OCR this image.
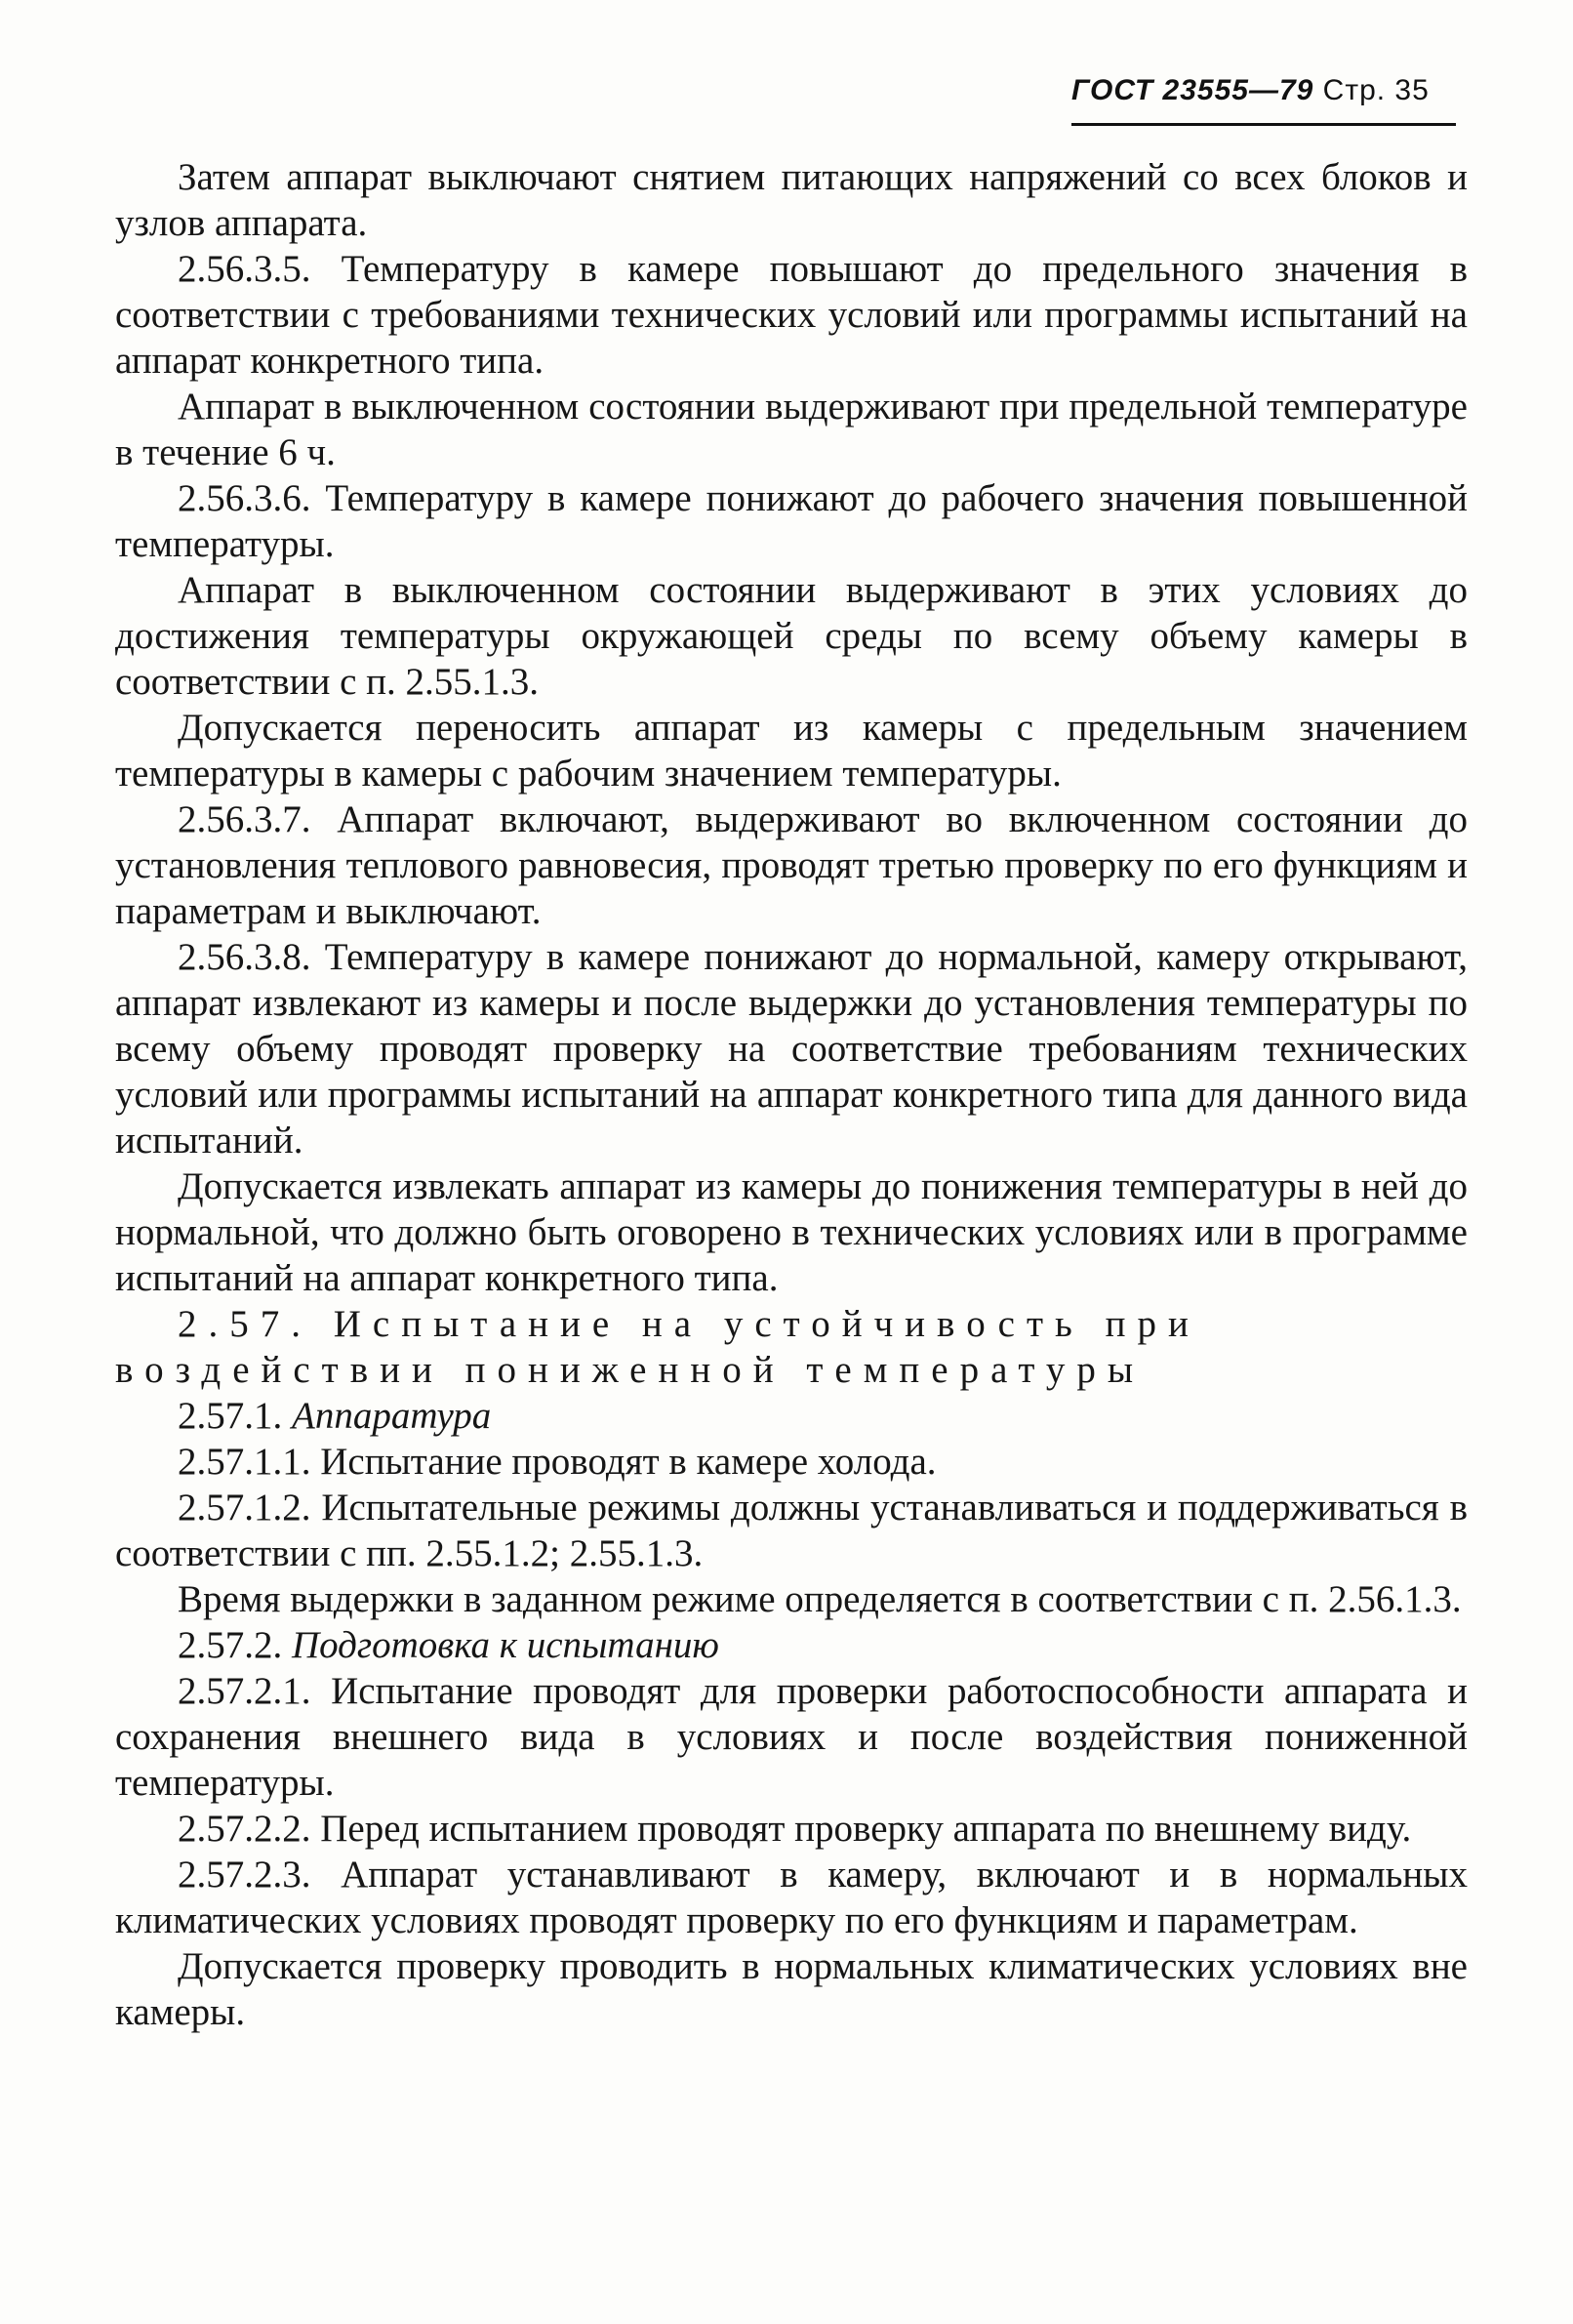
ГОСТ 23555—79 Стр. 35

Затем аппарат выключают снятием питающих напряжений со всех блоков и узлов аппарата.

2.56.3.5. Температуру в камере повышают до предельного значения в соответствии с требованиями технических условий или программы испытаний на аппарат конкретного типа.

Аппарат в выключенном состоянии выдерживают при предельной температуре в течение 6 ч.

2.56.3.6. Температуру в камере понижают до рабочего значения повышенной температуры.

Аппарат в выключенном состоянии выдерживают в этих условиях до достижения температуры окружающей среды по всему объему камеры в соответствии с п. 2.55.1.3.

Допускается переносить аппарат из камеры с предельным значением температуры в камеры с рабочим значением температуры.

2.56.3.7. Аппарат включают, выдерживают во включенном состоянии до установления теплового равновесия, проводят третью проверку по его функциям и параметрам и выключают.

2.56.3.8. Температуру в камере понижают до нормальной, камеру открывают, аппарат извлекают из камеры и после выдержки до установления температуры по всему объему проводят проверку на соответствие требованиям технических условий или программы испытаний на аппарат конкретного типа для данного вида испытаний.

Допускается извлекать аппарат из камеры до понижения температуры в ней до нормальной, что должно быть оговорено в технических условиях или в программе испытаний на аппарат конкретного типа.

2.57. Испытание на устойчивость при воздействии пониженной температуры

2.57.1. Аппаратура

2.57.1.1. Испытание проводят в камере холода.

2.57.1.2. Испытательные режимы должны устанавливаться и поддерживаться в соответствии с пп. 2.55.1.2; 2.55.1.3.

Время выдержки в заданном режиме определяется в соответствии с п. 2.56.1.3.

2.57.2. Подготовка к испытанию

2.57.2.1. Испытание проводят для проверки работоспособности аппарата и сохранения внешнего вида в условиях и после воздействия пониженной температуры.

2.57.2.2. Перед испытанием проводят проверку аппарата по внешнему виду.

2.57.2.3. Аппарат устанавливают в камеру, включают и в нормальных климатических условиях проводят проверку по его функциям и параметрам.

Допускается проверку проводить в нормальных климатических условиях вне камеры.
